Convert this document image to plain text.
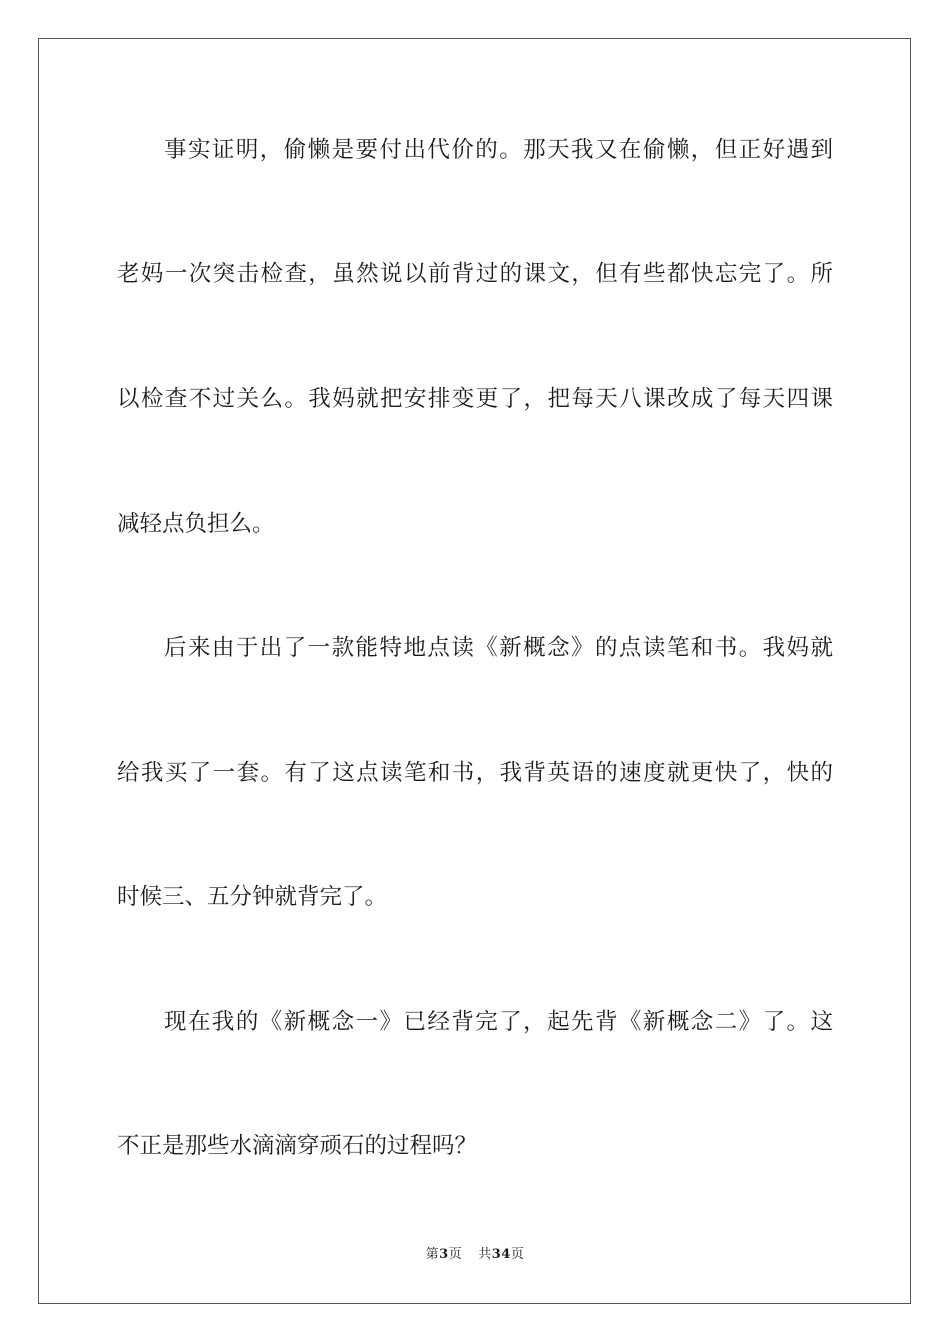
事实证明，偷懒是要付出代价的。那天我又在偷懒，但正好遇到
老妈一次突击检查，虽然说以前背过的课文，但有些都快忘完了。所
以检查不过关么。我妈就把安排变更了，把每天八课改成了每天四课
减轻点负担么。
后来由于出了一款能特地点读《新概念》的点读笔和书。我妈就
给我买了一套。有了这点读笔和书，我背英语的速度就更快了，快的
时候三、五分钟就背完了。
现在我的《新概念一》已经背完了，起先背《新概念二》了。这
不正是那些水滴滴穿顽石的过程吗？
第3页 共34页
